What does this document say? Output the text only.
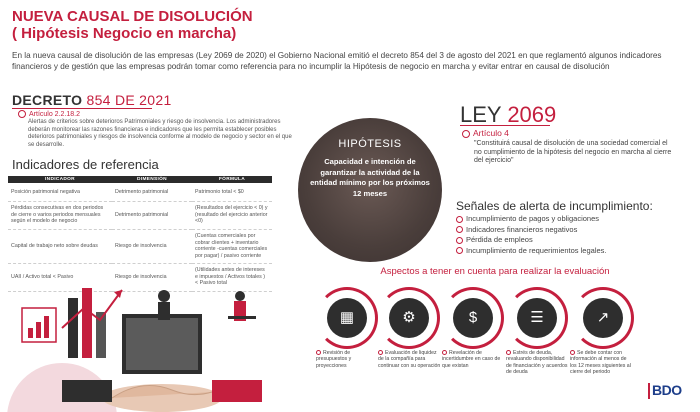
NUEVA CAUSAL DE DISOLUCIÓN
( Hipótesis Negocio en marcha)
En la nueva causal de disolución de las empresas (Ley 2069 de 2020) el Gobierno Nacional emitió el decreto 854 del 3 de agosto del 2021 en que reglamentó algunos indicadores financieros y de gestión que las empresas podrán tomar como referencia para no incumplir la Hipótesis de negocio en marcha y evitar entrar en causal de disolución
DECRETO 854 DE 2021
Artículo 2.2.18.2
Alertas de criterios sobre deterioros Patrimoniales y riesgo de insolvencia. Los administradores deberán monitorear las razones financieras e indicadores que les permita establecer posibles deterioros patrimoniales y riesgos de insolvencia conforme al modelo de negocio y sector en el que se desarrolle.
Indicadores de referencia
INDICADOR	DIMENSIÓN	FÓRMULA
Posición patrimonial negativa	Detrimento patrimonial	Patrimonio total < $0
Pérdidas consecutivas en dos periodos de cierre o varios periodos mensuales según el modelo de negocio	Detrimento patrimonial	(Resultados del ejercicio < 0) y (resultado del ejercicio anterior <0)
Capital de trabajo neto sobre deudas	Riesgo de insolvencia	(Cuentas comerciales por cobrar clientes + inventario corriente -cuentas comerciales por pagar) / pasivo corriente
UAII / Activo total < Pasivo	Riesgo de insolvencia	(Utilidades antes de intereses e impuestos / Activos totales ) < Pasivo total
HIPÓTESIS
Capacidad e intención de garantizar la actividad de la entidad mínimo por los próximos 12 meses
LEY 2069
Artículo 4
"Constituirá causal de disolución de una sociedad comercial el no cumplimiento de la hipótesis del negocio en marcha al cierre del ejercicio"
Señales de alerta de incumplimiento:
Incumplimiento de pagos y obligaciones
Indicadores financieros negativos
Pérdida de empleos
Incumplimiento de requerimientos legales.
Aspectos a tener en cuenta para realizar la evaluación
▦
Revisión de presupuestos y proyecciones
⚙
Evaluación de liquidez de la compañía para continuar con su operación
$
Revelación de incertidumbre en caso de que existan
☰
Estrés de deuda, revaluando disponibilidad de financiación y acuerdos de deuda
↗
Se debe contar con información al menos de los 12 meses siguientes al cierre del periodo
BDO
